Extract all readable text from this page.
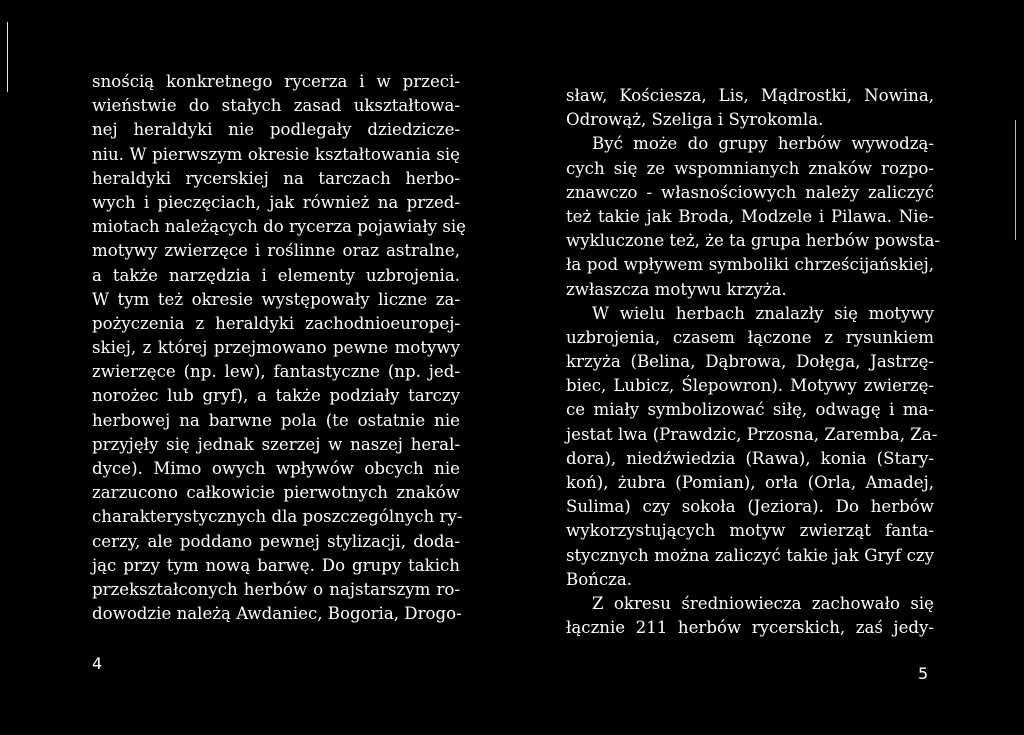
snością konkretnego rycerza i w przeci-
wieństwie do stałych zasad ukształtowa-
nej heraldyki nie podlegały dziedzicze-
niu. W pierwszym okresie kształtowania się
heraldyki rycerskiej na tarczach herbo-
wych i pieczęciach, jak również na przed-
miotach należących do rycerza pojawiały się
motywy zwierzęce i roślinne oraz astralne,
a także narzędzia i elementy uzbrojenia.
W tym też okresie występowały liczne za-
pożyczenia z heraldyki zachodnioeuropej-
skiej, z której przejmowano pewne motywy
zwierzęce (np. lew), fantastyczne (np. jed-
norożec lub gryf), a także podziały tarczy
herbowej na barwne pola (te ostatnie nie
przyjęły się jednak szerzej w naszej heral-
dyce). Mimo owych wpływów obcych nie
zarzucono całkowicie pierwotnych znaków
charakterystycznych dla poszczególnych ry-
cerzy, ale poddano pewnej stylizacji, doda-
jąc przy tym nową barwę. Do grupy takich
przekształconych herbów o najstarszym ro-
dowodzie należą Awdaniec, Bogoria, Drogo-
4
sław, Kościesza, Lis, Mądrostki, Nowina,
Odrowąż, Szeliga i Syrokomla.
Być może do grupy herbów wywodzą-
cych się ze wspomnianych znaków rozpo-
znawczo - własnościowych należy zaliczyć
też takie jak Broda, Modzele i Pilawa. Nie-
wykluczone też, że ta grupa herbów powsta-
ła pod wpływem symboliki chrześcijańskiej,
zwłaszcza motywu krzyża.
W wielu herbach znalazły się motywy
uzbrojenia, czasem łączone z rysunkiem
krzyża (Belina, Dąbrowa, Dołęga, Jastrzę-
biec, Lubicz, Ślepowron). Motywy zwierzę-
ce miały symbolizować siłę, odwagę i ma-
jestat lwa (Prawdzic, Przosna, Zaremba, Za-
dora), niedźwiedzia (Rawa), konia (Stary-
koń), żubra (Pomian), orła (Orla, Amadej,
Sulima) czy sokoła (Jeziora). Do herbów
wykorzystujących motyw zwierząt fanta-
stycznych można zaliczyć takie jak Gryf czy
Bończa.
Z okresu średniowiecza zachowało się
łącznie 211 herbów rycerskich, zaś jedy-
5
